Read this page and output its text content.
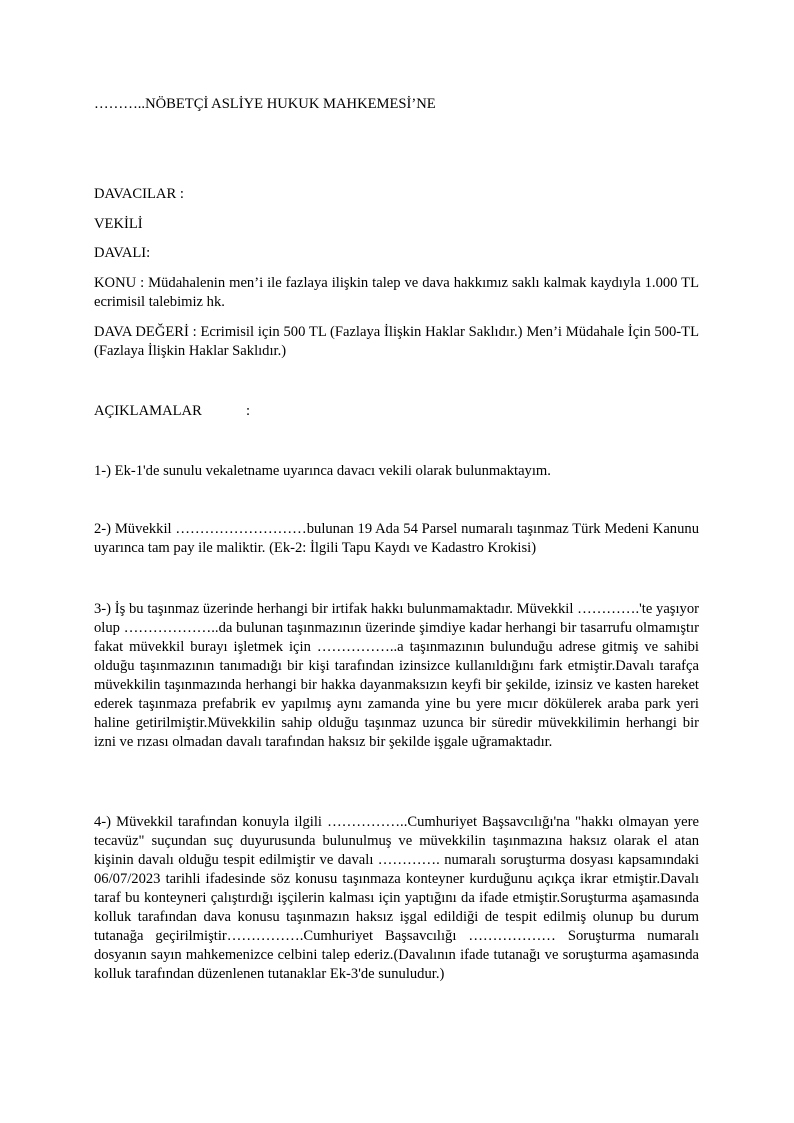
………..NÖBETÇİ ASLİYE HUKUK MAHKEMESİ’NE
DAVACILAR :
VEKİLİ
DAVALI:
KONU : Müdahalenin men’i ile fazlaya ilişkin talep ve dava hakkımız saklı kalmak kaydıyla 1.000 TL ecrimisil talebimiz hk.
DAVA DEĞERİ : Ecrimisil için 500 TL (Fazlaya İlişkin Haklar Saklıdır.) Men’i Müdahale İçin 500-TL (Fazlaya İlişkin Haklar Saklıdır.)
AÇIKLAMALAR	:
1-) Ek-1'de sunulu vekaletname uyarınca davacı vekili olarak bulunmaktayım.
2-) Müvekkil ………………………bulunan 19 Ada 54 Parsel numaralı taşınmaz Türk Medeni Kanunu uyarınca tam pay ile maliktir. (Ek-2: İlgili Tapu Kaydı ve Kadastro Krokisi)
3-) İş bu taşınmaz üzerinde herhangi bir irtifak hakkı bulunmamaktadır. Müvekkil ………….'te yaşıyor olup ………………..da bulunan taşınmazının üzerinde şimdiye kadar herhangi bir tasarrufu olmamıştır fakat müvekkil burayı işletmek için ……………..a taşınmazının bulunduğu adrese gitmiş ve sahibi olduğu taşınmazının tanımadığı bir kişi tarafından izinsizce kullanıldığını fark etmiştir.Davalı tarafça müvekkilin taşınmazında herhangi bir hakka dayanmaksızın keyfi bir şekilde, izinsiz ve kasten hareket ederek taşınmaza prefabrik ev yapılmış aynı zamanda yine bu yere mıcır dökülerek araba park yeri haline getirilmiştir.Müvekkilin sahip olduğu taşınmaz uzunca bir süredir müvekkilimin herhangi bir izni ve rızası olmadan davalı tarafından haksız bir şekilde işgale uğramaktadır.
4-) Müvekkil tarafından konuyla ilgili ……………..Cumhuriyet Başsavcılığı'na "hakkı olmayan yere tecavüz" suçundan suç duyurusunda bulunulmuş ve müvekkilin taşınmazına haksız olarak el atan kişinin davalı olduğu tespit edilmiştir ve davalı …………. numaralı soruşturma dosyası kapsamındaki 06/07/2023 tarihli ifadesinde söz konusu taşınmaza konteyner kurduğunu açıkça ikrar etmiştir.Davalı taraf bu konteyneri çalıştırdığı işçilerin kalması için yaptığını da ifade etmiştir.Soruşturma aşamasında kolluk tarafından dava konusu taşınmazın haksız işgal edildiği de tespit edilmiş olunup bu durum tutanağa geçirilmiştir…………….Cumhuriyet Başsavcılığı ……………… Soruşturma numaralı dosyanın sayın mahkemenizce celbini talep ederiz.(Davalının ifade tutanağı ve soruşturma aşamasında kolluk tarafından düzenlenen tutanaklar Ek-3'de sunuludur.)
